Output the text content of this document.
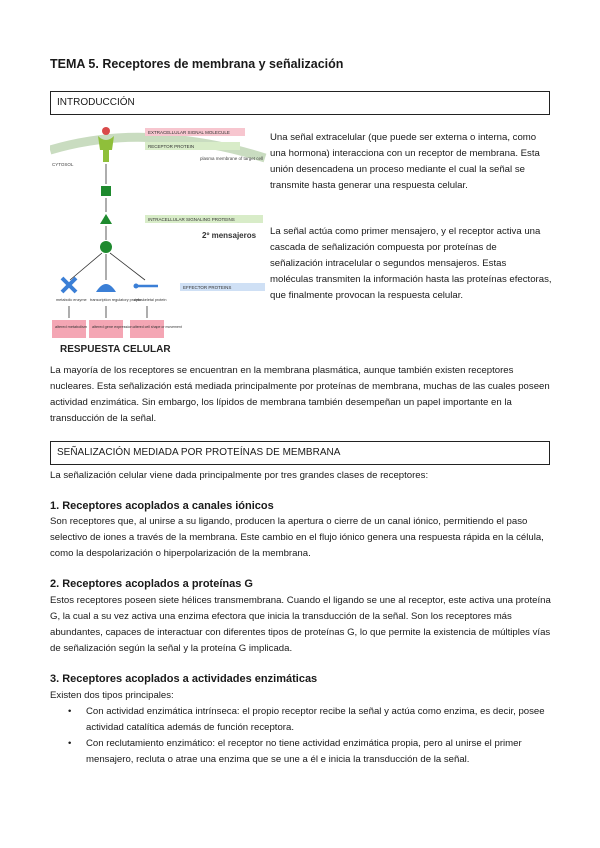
TEMA 5. Receptores de membrana y señalización
INTRODUCCIÓN
CYTOSOL
plasma membrane of target cell
EXTRACELLULAR SIGNAL MOLECULE
RECEPTOR PROTEIN
INTRACELLULAR SIGNALING PROTEINS
2º mensajeros
EFFECTOR PROTEINS
metabolic enzyme transcription regulatory protein
cytoskeletal protein
altered metabolism altered gene expression altered cell shape or movement
RESPUESTA CELULAR

Una señal extracelular (que puede ser externa o interna, como una hormona) interacciona con un receptor de membrana. Esta unión desencadena un proceso mediante el cual la señal se transmite hasta generar una respuesta celular.

La señal actúa como primer mensajero, y el receptor activa una cascada de señalización compuesta por proteínas de señalización intracelular o segundos mensajeros. Estas moléculas transmiten la información hasta las proteínas efectoras, que finalmente provocan la respuesta celular.

La mayoría de los receptores se encuentran en la membrana plasmática, aunque también existen receptores nucleares. Esta señalización está mediada principalmente por proteínas de membrana, muchas de las cuales poseen actividad enzimática. Sin embargo, los lípidos de membrana también desempeñan un papel importante en la transducción de la señal.

SEÑALIZACIÓN MEDIADA POR PROTEÍNAS DE MEMBRANA

La señalización celular viene dada principalmente por tres grandes clases de receptores:

1. Receptores acoplados a canales iónicos

Son receptores que, al unirse a su ligando, producen la apertura o cierre de un canal iónico, permitiendo el paso selectivo de iones a través de la membrana. Este cambio en el flujo iónico genera una respuesta rápida en la célula, como la despolarización o hiperpolarización de la membrana.

2. Receptores acoplados a proteínas G

Estos receptores poseen siete hélices transmembrana. Cuando el ligando se une al receptor, este activa una proteína G, la cual a su vez activa una enzima efectora que inicia la transducción de la señal. Son los receptores más abundantes, capaces de interactuar con diferentes tipos de proteínas G, lo que permite la existencia de múltiples vías de señalización según la señal y la proteína G implicada.

3. Receptores acoplados a actividades enzimáticas

Existen dos tipos principales:

• Con actividad enzimática intrínseca: el propio receptor recibe la señal y actúa como enzima, es decir, posee actividad catalítica además de función receptora.
• Con reclutamiento enzimático: el receptor no tiene actividad enzimática propia, pero al unirse el primer mensajero, recluta o atrae una enzima que se une a él e inicia la transducción de la señal.
